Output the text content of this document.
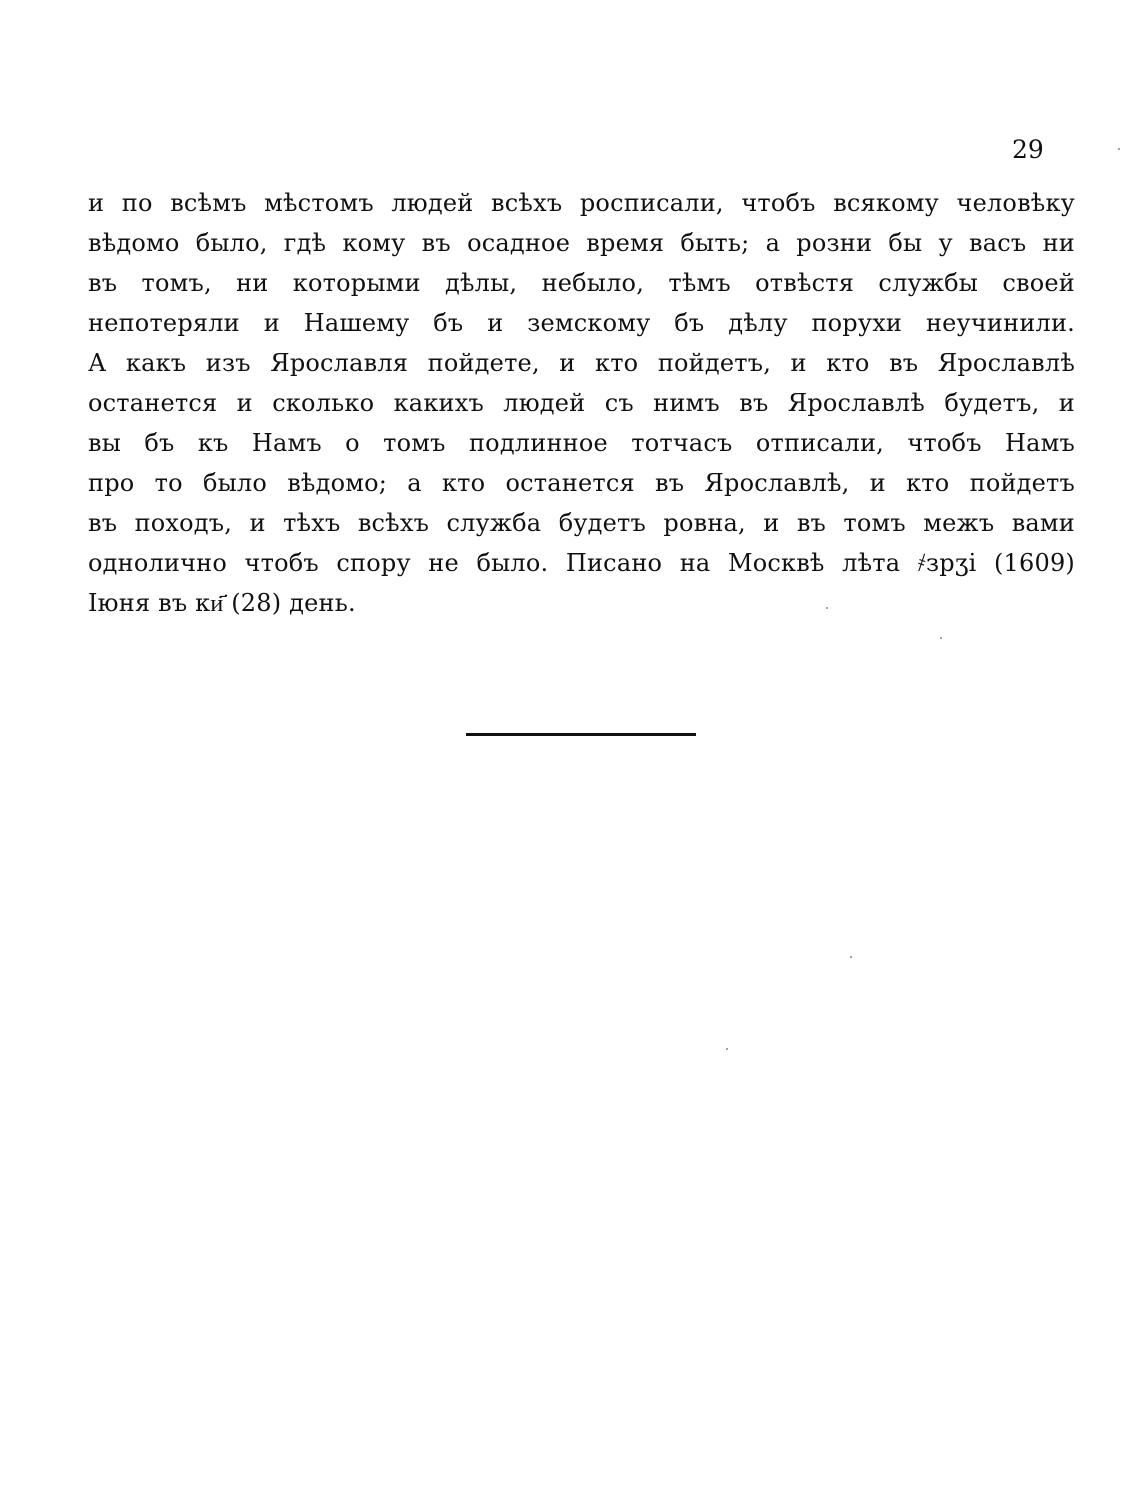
29
и по всѣмъ мѣстомъ людей всѣхъ росписали, чтобъ всякому человѣку
вѣдомо было, гдѣ кому въ осадное время быть; а розни бы у васъ ни
въ томъ, ни которыми дѣлы, небыло, тѣмъ отвѣстя службы своей
непотеряли и Нашему бъ и земскому бъ дѣлу порухи неучинили.
А какъ изъ Ярославля пойдете, и кто пойдетъ, и кто въ Ярославлѣ
останется и сколько какихъ людей съ нимъ въ Ярославлѣ будетъ, и
вы бъ къ Намъ о томъ подлинное тотчасъ отписали, чтобъ Намъ
про то было вѣдомо; а кто останется въ Ярославлѣ, и кто пойдетъ
въ походъ, и тѣхъ всѣхъ служба будетъ ровна, и въ томъ межъ вами
одноличнo чтобъ спору не было. Писано на Москвѣ лѣта ҂зрӡі (1609)
Іюня въ ки҃ (28) день.
